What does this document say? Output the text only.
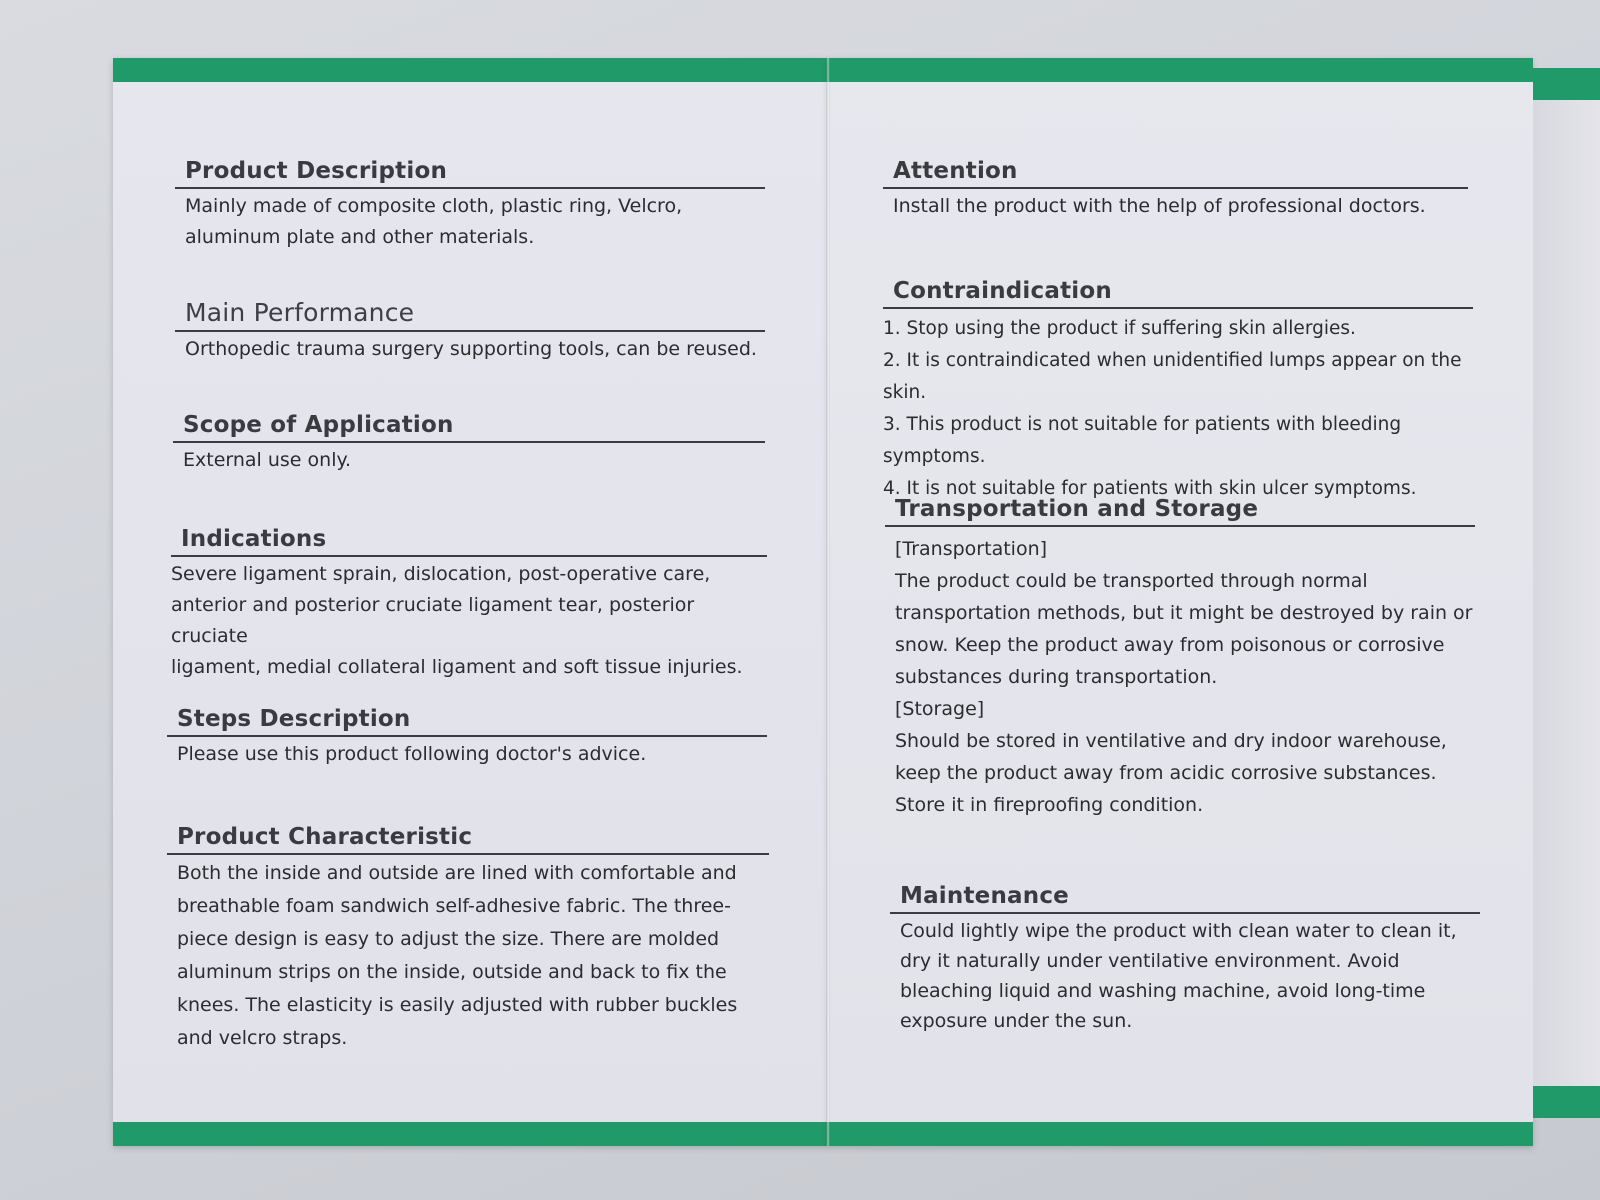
Product Description

Mainly made of composite cloth, plastic ring, Velcro,

aluminum plate and other materials.

Main Performance

Orthopedic trauma surgery supporting tools, can be reused.

Scope of Application

External use only.

Indications

Severe ligament sprain, dislocation, post-operative care,

anterior and posterior cruciate ligament tear, posterior cruciate

ligament, medial collateral ligament and soft tissue injuries.

Steps Description

Please use this product following doctor's advice.

Product Characteristic

Both the inside and outside are lined with comfortable and

breathable foam sandwich self-adhesive fabric. The three-

piece design is easy to adjust the size. There are molded

aluminum strips on the inside, outside and back to fix the

knees. The elasticity is easily adjusted with rubber buckles

and velcro straps.

Attention

Install the product with the help of professional doctors.

Contraindication
1. Stop using the product if suffering skin allergies.
2. It is contraindicated when unidentified lumps appear on the skin.
3. This product is not suitable for patients with bleeding symptoms.
4. It is not suitable for patients with skin ulcer symptoms.
Transportation and Storage

[Transportation]

The product could be transported through normal

transportation methods, but it might be destroyed by rain or

snow. Keep the product away from poisonous or corrosive

substances during transportation.

[Storage]

Should be stored in ventilative and dry indoor warehouse,

keep the product away from acidic corrosive substances.

Store it in fireproofing condition.

Maintenance

Could lightly wipe the product with clean water to clean it,

dry it naturally under ventilative environment. Avoid

bleaching liquid and washing machine, avoid long-time

exposure under the sun.
